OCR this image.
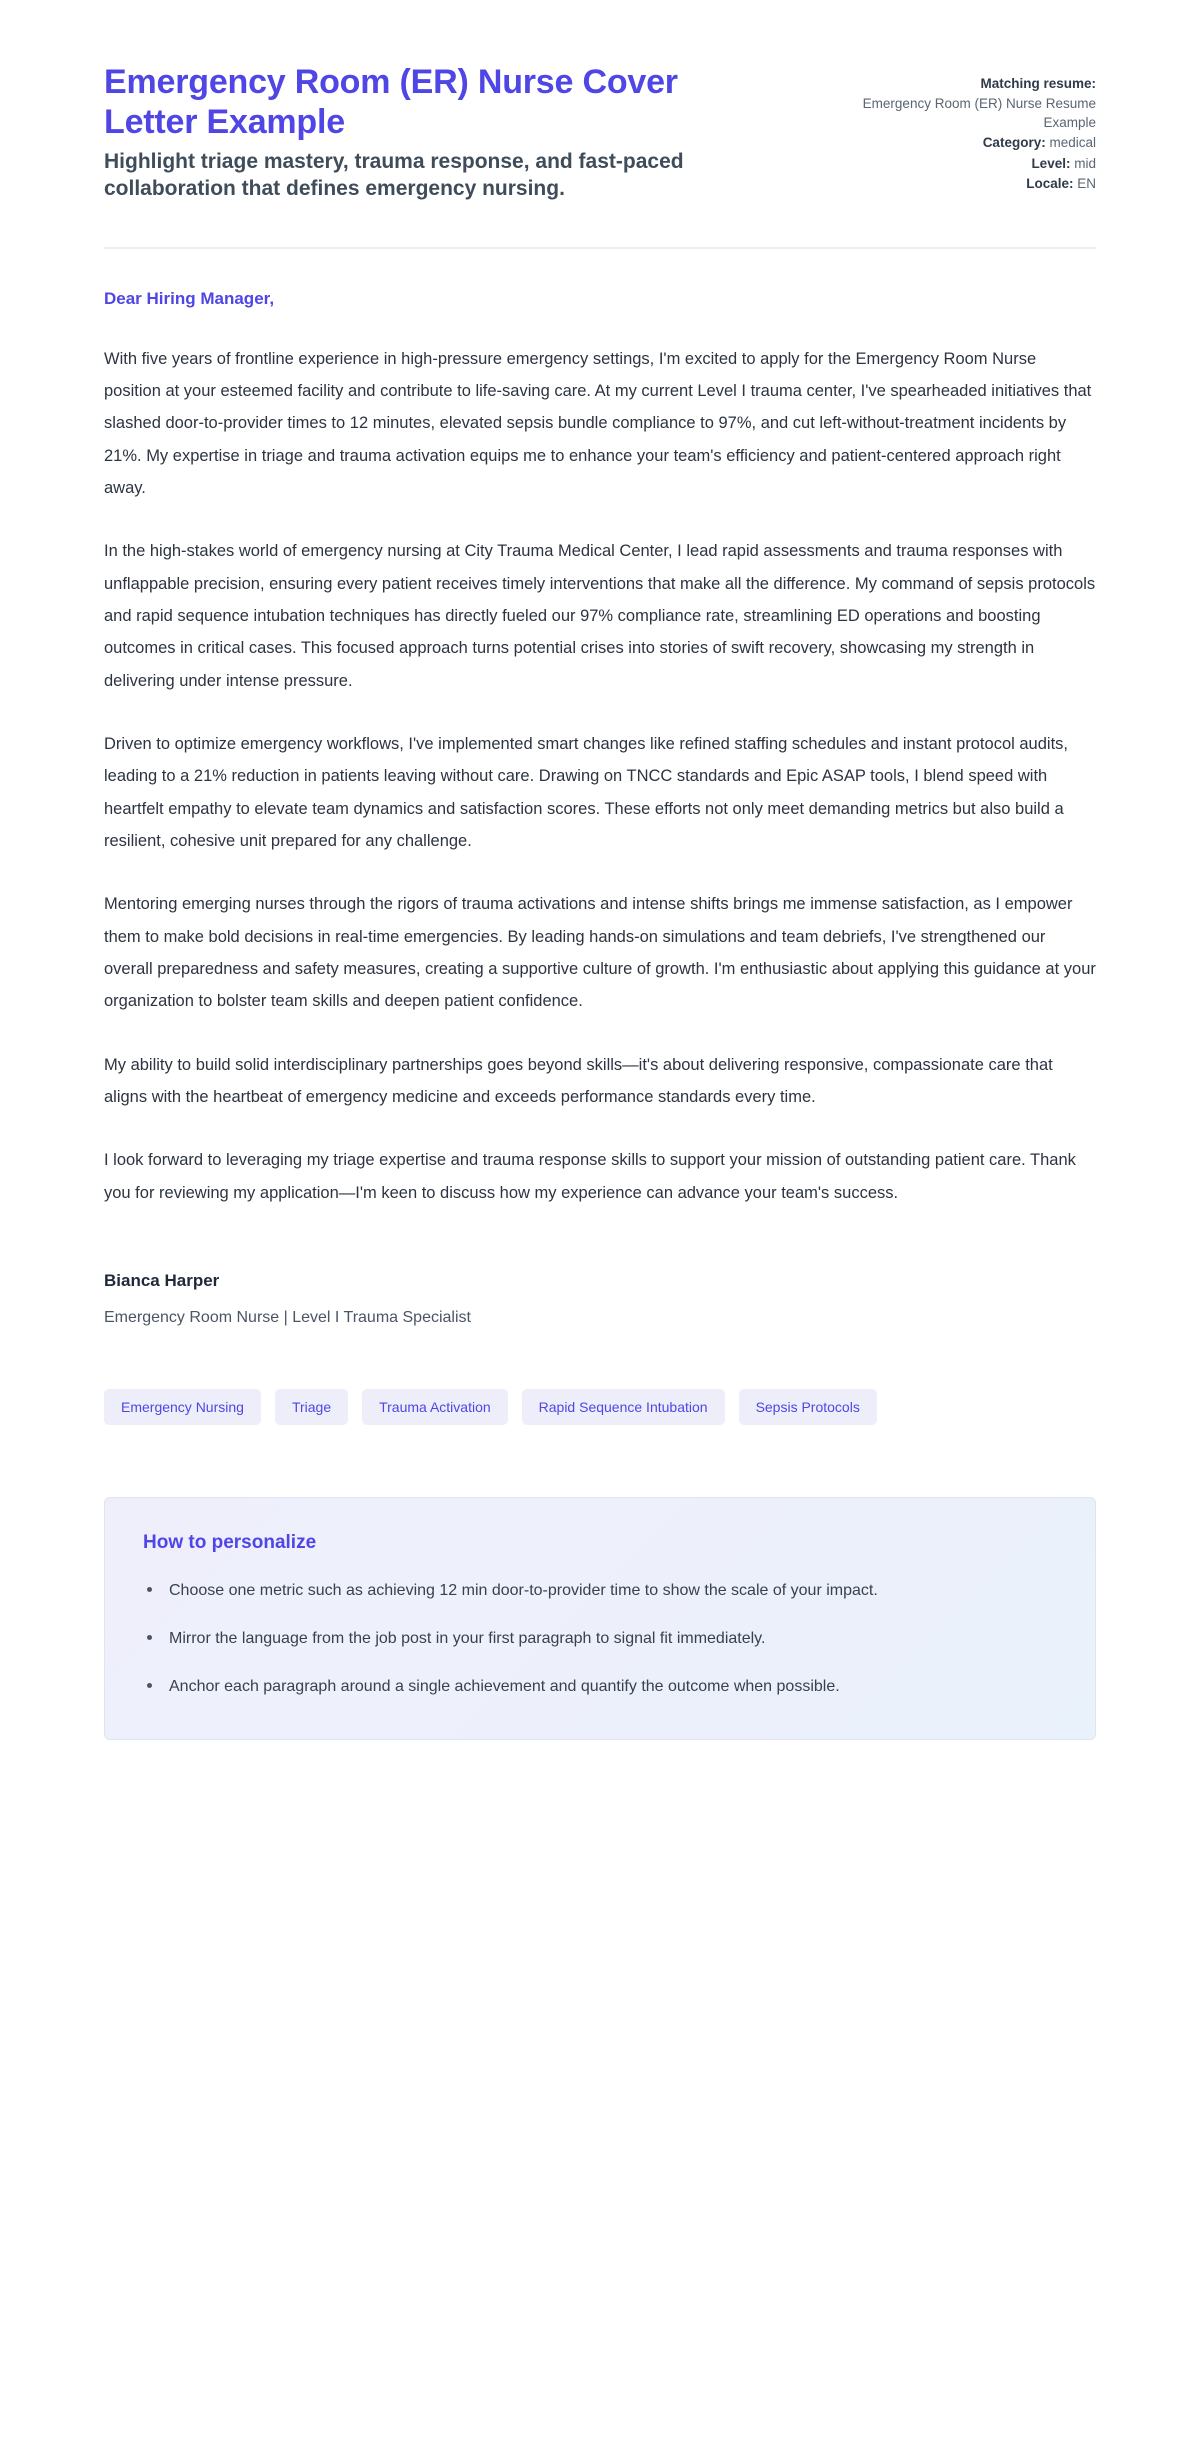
Emergency Room (ER) Nurse Cover Letter Example

Highlight triage mastery, trauma response, and fast-paced collaboration that defines emergency nursing.

Matching resume:
Emergency Room (ER) Nurse Resume Example
Category: medical
Level: mid
Locale: EN

Dear Hiring Manager,

With five years of frontline experience in high-pressure emergency settings, I'm excited to apply for the Emergency Room Nurse position at your esteemed facility and contribute to life-saving care. At my current Level I trauma center, I've spearheaded initiatives that slashed door-to-provider times to 12 minutes, elevated sepsis bundle compliance to 97%, and cut left-without-treatment incidents by 21%. My expertise in triage and trauma activation equips me to enhance your team's efficiency and patient-centered approach right away.

In the high-stakes world of emergency nursing at City Trauma Medical Center, I lead rapid assessments and trauma responses with unflappable precision, ensuring every patient receives timely interventions that make all the difference. My command of sepsis protocols and rapid sequence intubation techniques has directly fueled our 97% compliance rate, streamlining ED operations and boosting outcomes in critical cases. This focused approach turns potential crises into stories of swift recovery, showcasing my strength in delivering under intense pressure.

Driven to optimize emergency workflows, I've implemented smart changes like refined staffing schedules and instant protocol audits, leading to a 21% reduction in patients leaving without care. Drawing on TNCC standards and Epic ASAP tools, I blend speed with heartfelt empathy to elevate team dynamics and satisfaction scores. These efforts not only meet demanding metrics but also build a resilient, cohesive unit prepared for any challenge.

Mentoring emerging nurses through the rigors of trauma activations and intense shifts brings me immense satisfaction, as I empower them to make bold decisions in real-time emergencies. By leading hands-on simulations and team debriefs, I've strengthened our overall preparedness and safety measures, creating a supportive culture of growth. I'm enthusiastic about applying this guidance at your organization to bolster team skills and deepen patient confidence.

My ability to build solid interdisciplinary partnerships goes beyond skills—it's about delivering responsive, compassionate care that aligns with the heartbeat of emergency medicine and exceeds performance standards every time.

I look forward to leveraging my triage expertise and trauma response skills to support your mission of outstanding patient care. Thank you for reviewing my application—I'm keen to discuss how my experience can advance your team's success.

Bianca Harper

Emergency Room Nurse | Level I Trauma Specialist

Emergency Nursing	Triage	Trauma Activation	Rapid Sequence Intubation	Sepsis Protocols
How to personalize
Choose one metric such as achieving 12 min door-to-provider time to show the scale of your impact.
Mirror the language from the job post in your first paragraph to signal fit immediately.
Anchor each paragraph around a single achievement and quantify the outcome when possible.
